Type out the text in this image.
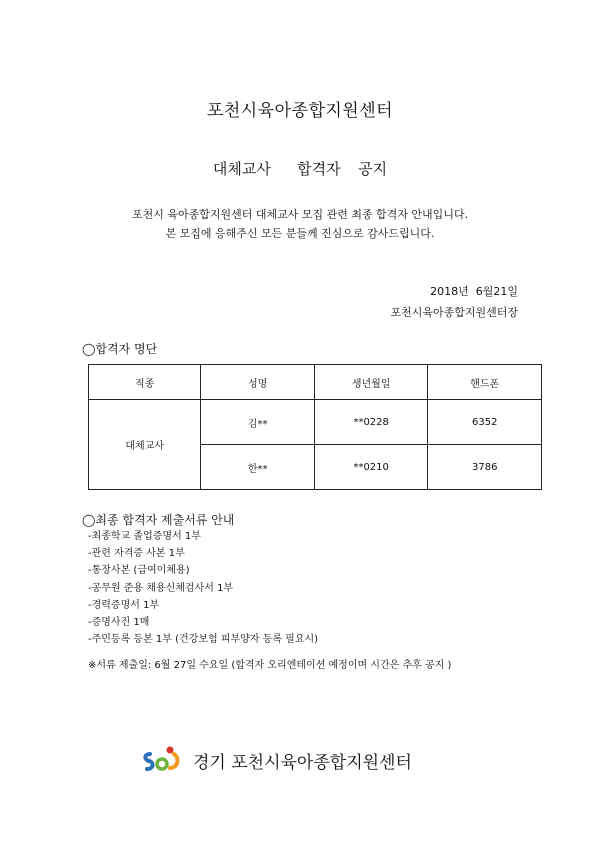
포천시육아종합지원센터
대체교사   합격자  공지
포천시 육아종합지원센터 대체교사 모집 관련 최종 합격자 안내입니다.
본 모집에 응해주신 모든 분들께 진심으로 감사드립니다.
2018년  6월21일
포천시육아종합지원센터장
◯합격자 명단
직종	성명	생년월일	핸드폰
대체교사	김**	**0228	6352
	한**	**0210	3786
◯최종 합격자 제출서류 안내
-최종학교 졸업증명서 1부
-관련 자격증 사본 1부
-통장사본 (급여이체용)
-공무원 준용 채용신체검사서 1부
-경력증명서 1부
-증명사진 1매
-주민등록 등본 1부 (건강보험 피부양자 등록 필요시)
※서류 제출일: 6월 27일 수요일 (합격자 오리엔테이션 예정이며 시간은 추후 공지 )
경기 포천시육아종합지원센터
